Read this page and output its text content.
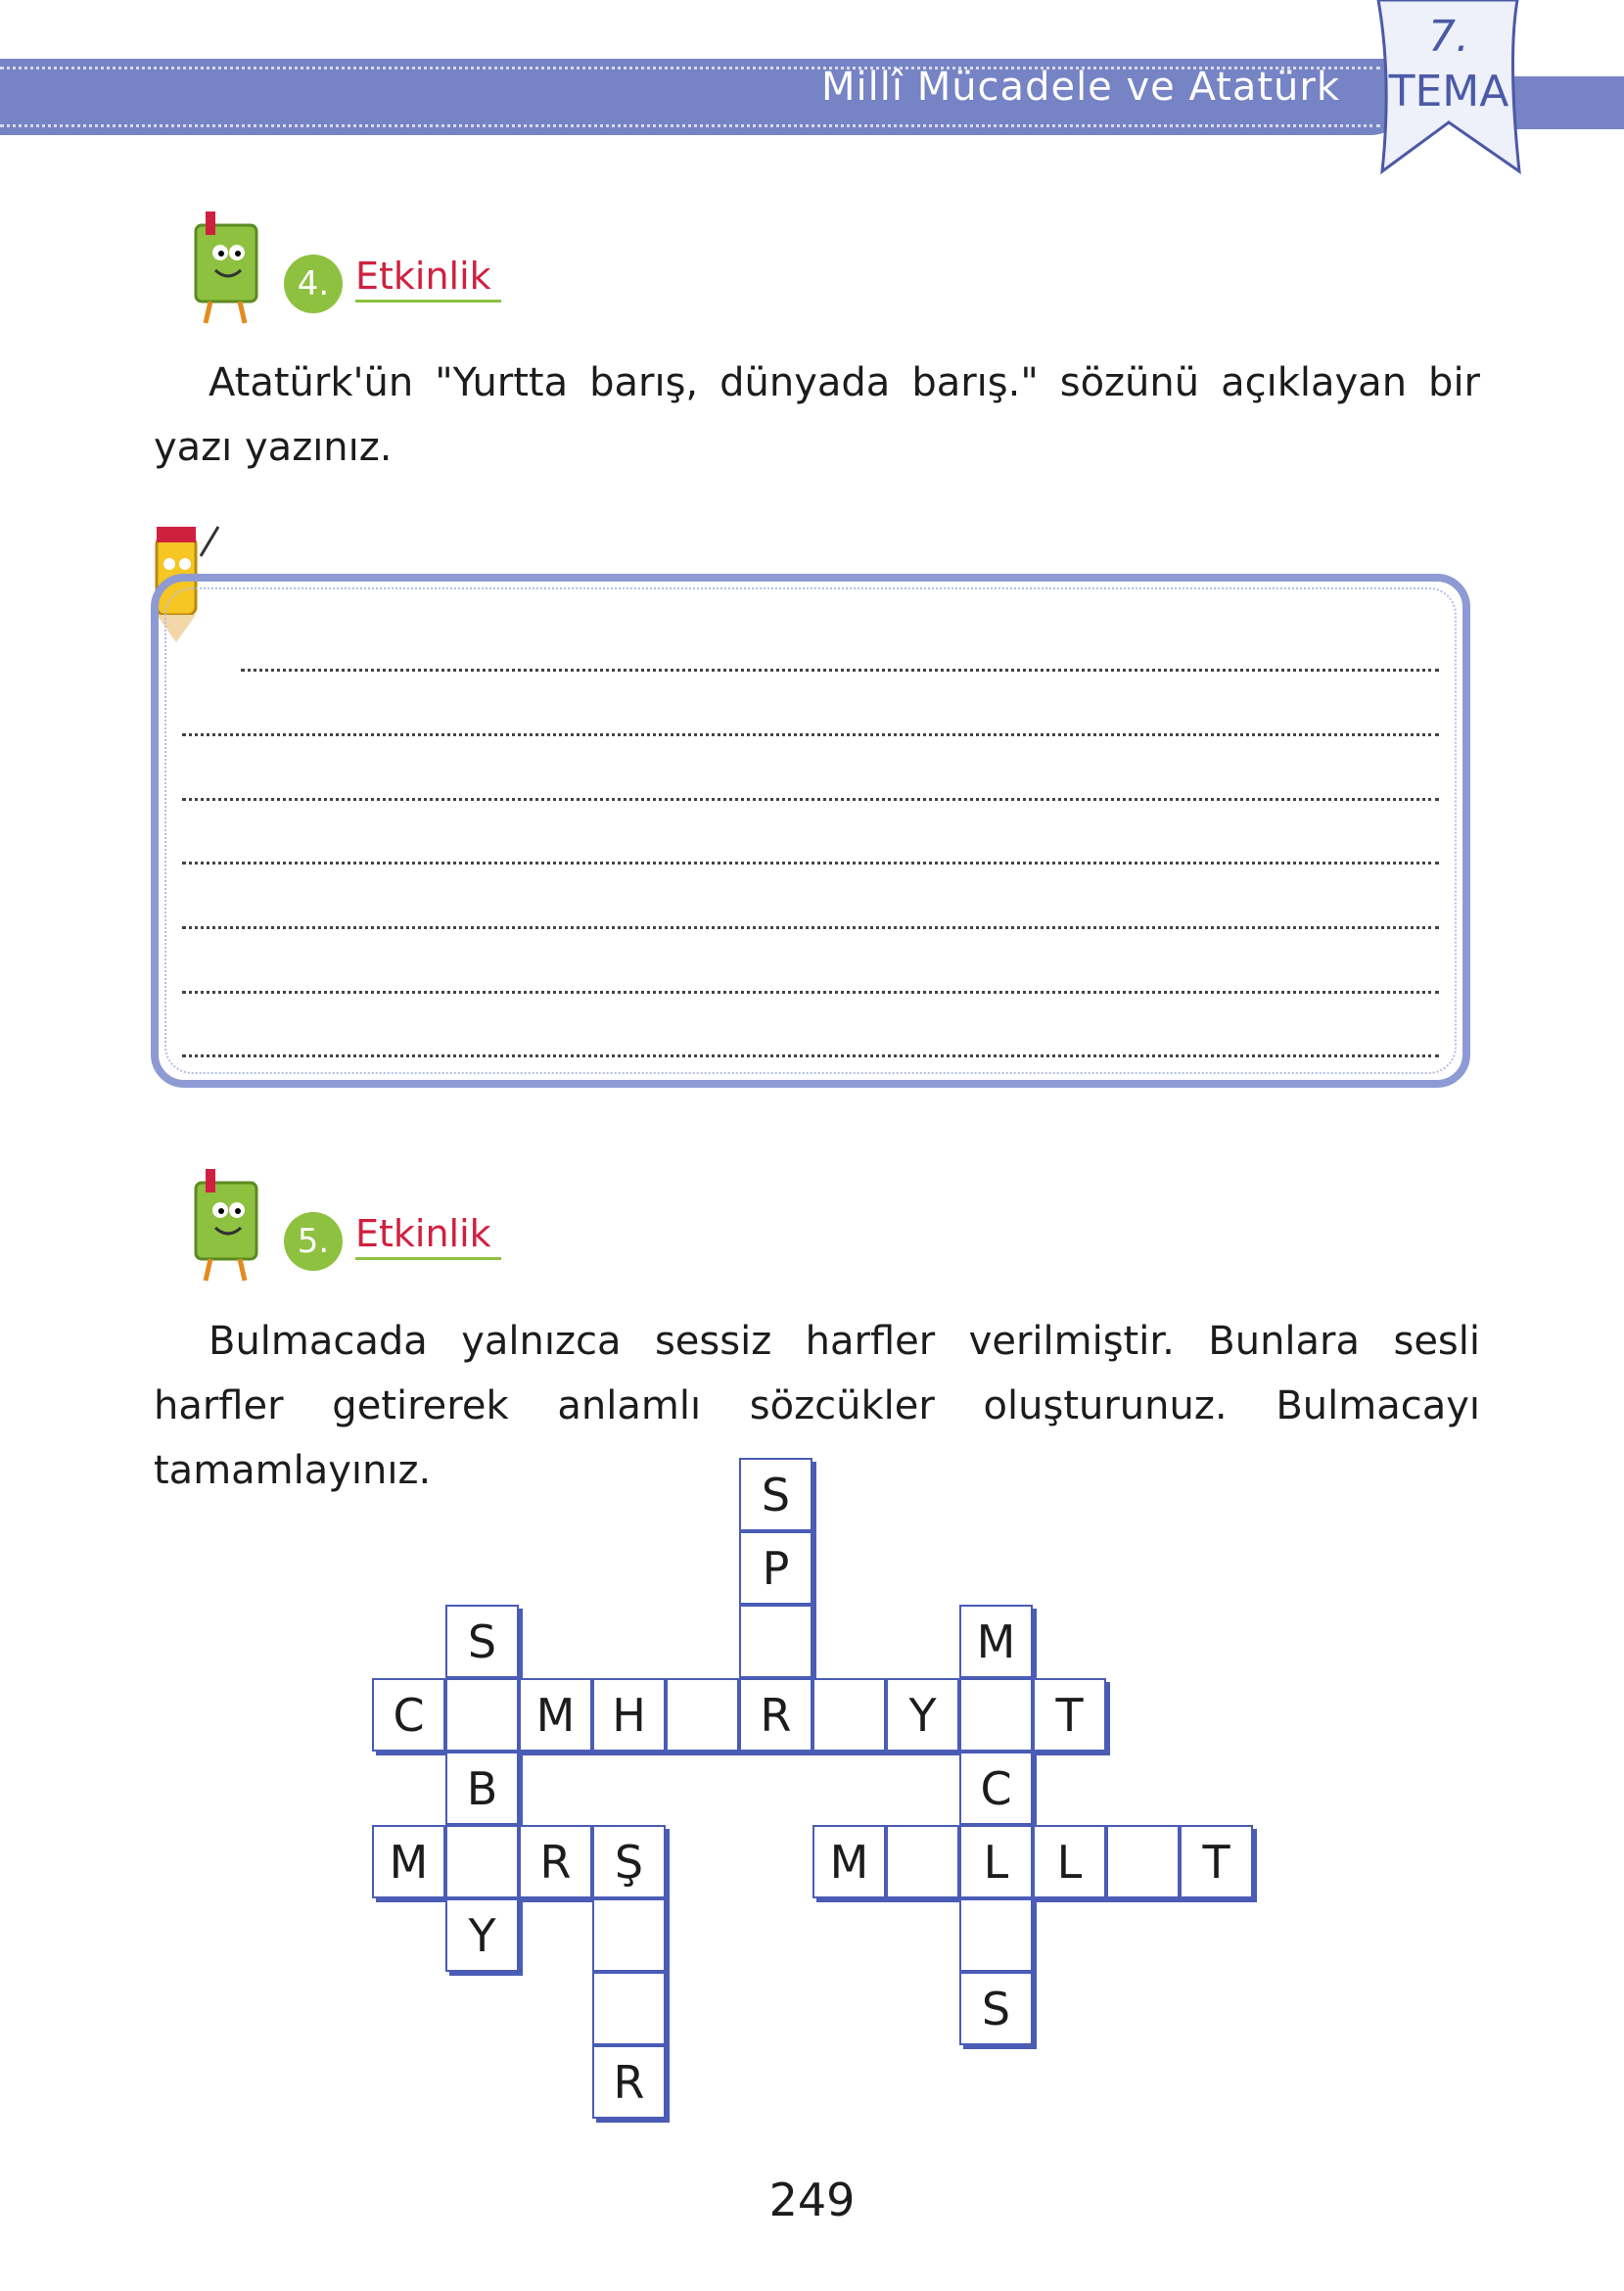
Millî Mücadele ve Atatürk
7.
TEMA
4. Etkinlik
Atatürk'ün "Yurtta barış, dünyada barış." sözünü açıklayan bir yazı yazınız.
5. Etkinlik
Bulmacada yalnızca sessiz harfler verilmiştir. Bunlara sesli harfler getirerek anlamlı sözcükler oluşturunuz. Bulmacayı tamamlayınız.	S
P
S	M
C	M H	R	Y	T
B	C
M	R Ş	M	L	L	T
Y
S
R
249
